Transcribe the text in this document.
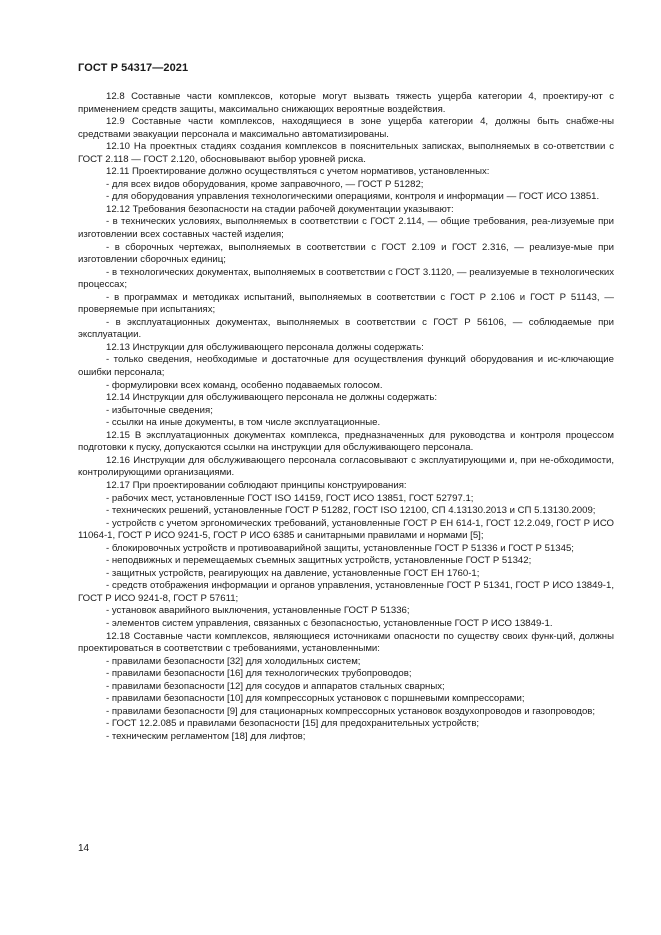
ГОСТ Р 54317—2021

12.8 Составные части комплексов, которые могут вызвать тяжесть ущерба категории 4, проектиру-ют с применением средств защиты, максимально снижающих вероятные воздействия.

12.9 Составные части комплексов, находящиеся в зоне ущерба категории 4, должны быть снабже-ны средствами эвакуации персонала и максимально автоматизированы.

12.10 На проектных стадиях создания комплексов в пояснительных записках, выполняемых в со-ответствии с ГОСТ 2.118 — ГОСТ 2.120, обосновывают выбор уровней риска.

12.11 Проектирование должно осуществляться с учетом нормативов, установленных:

- для всех видов оборудования, кроме заправочного, — ГОСТ Р 51282;

- для оборудования управления технологическими операциями, контроля и информации — ГОСТ ИСО 13851.

12.12 Требования безопасности на стадии рабочей документации указывают:

- в технических условиях, выполняемых в соответствии с ГОСТ 2.114, — общие требования, реа-лизуемые при изготовлении всех составных частей изделия;

- в сборочных чертежах, выполняемых в соответствии с ГОСТ 2.109 и ГОСТ 2.316, — реализуе-мые при изготовлении сборочных единиц;

- в технологических документах, выполняемых в соответствии с ГОСТ 3.1120, — реализуемые в технологических процессах;

- в программах и методиках испытаний, выполняемых в соответствии с ГОСТ Р 2.106 и ГОСТ Р 51143, — проверяемые при испытаниях;

- в эксплуатационных документах, выполняемых в соответствии с ГОСТ Р 56106, — соблюдаемые при эксплуатации.

12.13 Инструкции для обслуживающего персонала должны содержать:

- только сведения, необходимые и достаточные для осуществления функций оборудования и ис-ключающие ошибки персонала;

- формулировки всех команд, особенно подаваемых голосом.

12.14 Инструкции для обслуживающего персонала не должны содержать:

- избыточные сведения;

- ссылки на иные документы, в том числе эксплуатационные.

12.15 В эксплуатационных документах комплекса, предназначенных для руководства и контроля процессом подготовки к пуску, допускаются ссылки на инструкции для обслуживающего персонала.

12.16 Инструкции для обслуживающего персонала согласовывают с эксплуатирующими и, при не-обходимости, контролирующими организациями.

12.17 При проектировании соблюдают принципы конструирования:

- рабочих мест, установленные ГОСТ ISO 14159, ГОСТ ИСО 13851, ГОСТ 52797.1;

- технических решений, установленные ГОСТ Р 51282, ГОСТ ISO 12100, СП 4.13130.2013 и СП 5.13130.2009;

- устройств с учетом эргономических требований, установленные ГОСТ Р ЕН 614-1, ГОСТ 12.2.049, ГОСТ Р ИСО 11064-1, ГОСТ Р ИСО 9241-5, ГОСТ Р ИСО 6385 и санитарными правилами и нормами [5];

- блокировочных устройств и противоаварийной защиты, установленные ГОСТ Р 51336 и ГОСТ Р 51345;

- неподвижных и перемещаемых съемных защитных устройств, установленные ГОСТ Р 51342;

- защитных устройств, реагирующих на давление, установленные ГОСТ ЕН 1760-1;

- средств отображения информации и органов управления, установленные ГОСТ Р 51341, ГОСТ Р ИСО 13849-1, ГОСТ Р ИСО 9241-8, ГОСТ Р 57611;

- установок аварийного выключения, установленные ГОСТ Р 51336;

- элементов систем управления, связанных с безопасностью, установленные ГОСТ Р ИСО 13849-1.

12.18 Составные части комплексов, являющиеся источниками опасности по существу своих функ-ций, должны проектироваться в соответствии с требованиями, установленными:

- правилами безопасности [32] для холодильных систем;

- правилами безопасности [16] для технологических трубопроводов;

- правилами безопасности [12] для сосудов и аппаратов стальных сварных;

- правилами безопасности [10] для компрессорных установок с поршневыми компрессорами;

- правилами безопасности [9] для стационарных компрессорных установок воздухопроводов и газопроводов;

- ГОСТ 12.2.085 и правилами безопасности [15] для предохранительных устройств;

- техническим регламентом [18] для лифтов;

14
